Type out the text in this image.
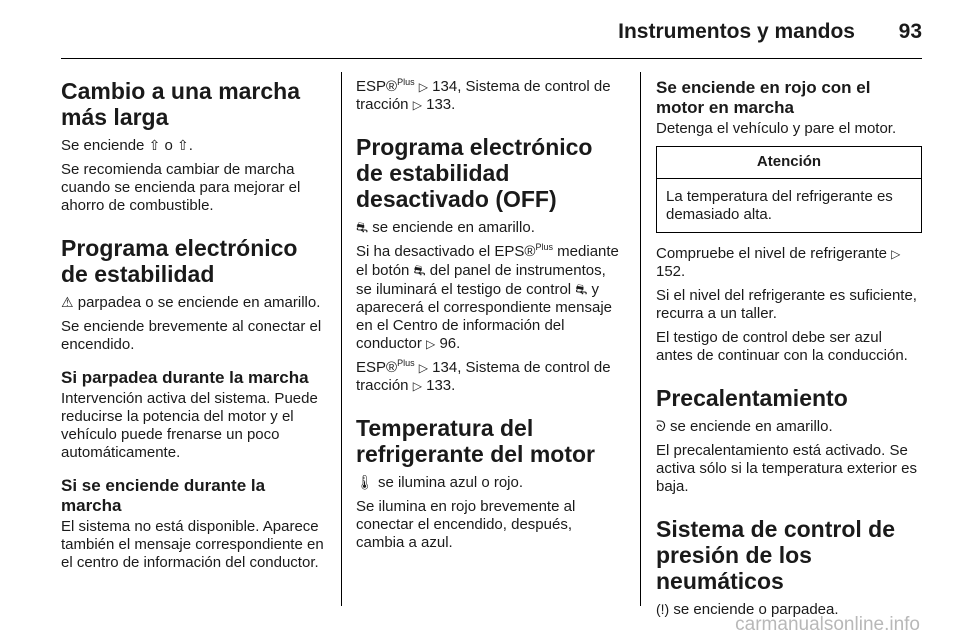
Instrumentos y mandos 93
Cambio a una marcha más larga

Se enciende ⇧ o ⇧.

Se recomienda cambiar de marcha cuando se encienda para mejorar el ahorro de combustible.

Programa electrónico de estabilidad

⚠ parpadea o se enciende en amarillo.

Se enciende brevemente al conectar el encendido.

Si parpadea durante la marcha

Intervención activa del sistema. Puede reducirse la potencia del motor y el vehículo puede frenarse un poco automáticamente.

Si se enciende durante la marcha

El sistema no está disponible. Aparece también el mensaje correspondiente en el centro de información del conductor.

ESP®$^{Plus}$ ▷ 134, Sistema de control de tracción ▷ 133.

Programa electrónico de estabilidad desactivado (OFF)

⛐ se enciende en amarillo.

Si ha desactivado el EPS®$^{Plus}$ mediante el botón ⛐ del panel de instrumentos, se iluminará el testigo de control ⛐ y aparecerá el correspondiente mensaje en el Centro de información del conductor ▷ 96.

ESP®$^{Plus}$ ▷ 134, Sistema de control de tracción ▷ 133.

Temperatura del refrigerante del motor

🌡 se ilumina azul o rojo.

Se ilumina en rojo brevemente al conectar el encendido, después, cambia a azul.

Se enciende en rojo con el motor en marcha

Detenga el vehículo y pare el motor.

Atención
La temperatura del refrigerante es demasiado alta.

Compruebe el nivel de refrigerante ▷ 152.

Si el nivel del refrigerante es suficiente, recurra a un taller.

El testigo de control debe ser azul antes de continuar con la conducción.

Precalentamiento

ᘐ se enciende en amarillo.

El precalentamiento está activado. Se activa sólo si la temperatura exterior es baja.

Sistema de control de presión de los neumáticos

(!) se enciende o parpadea.

carmanualsonline.info
